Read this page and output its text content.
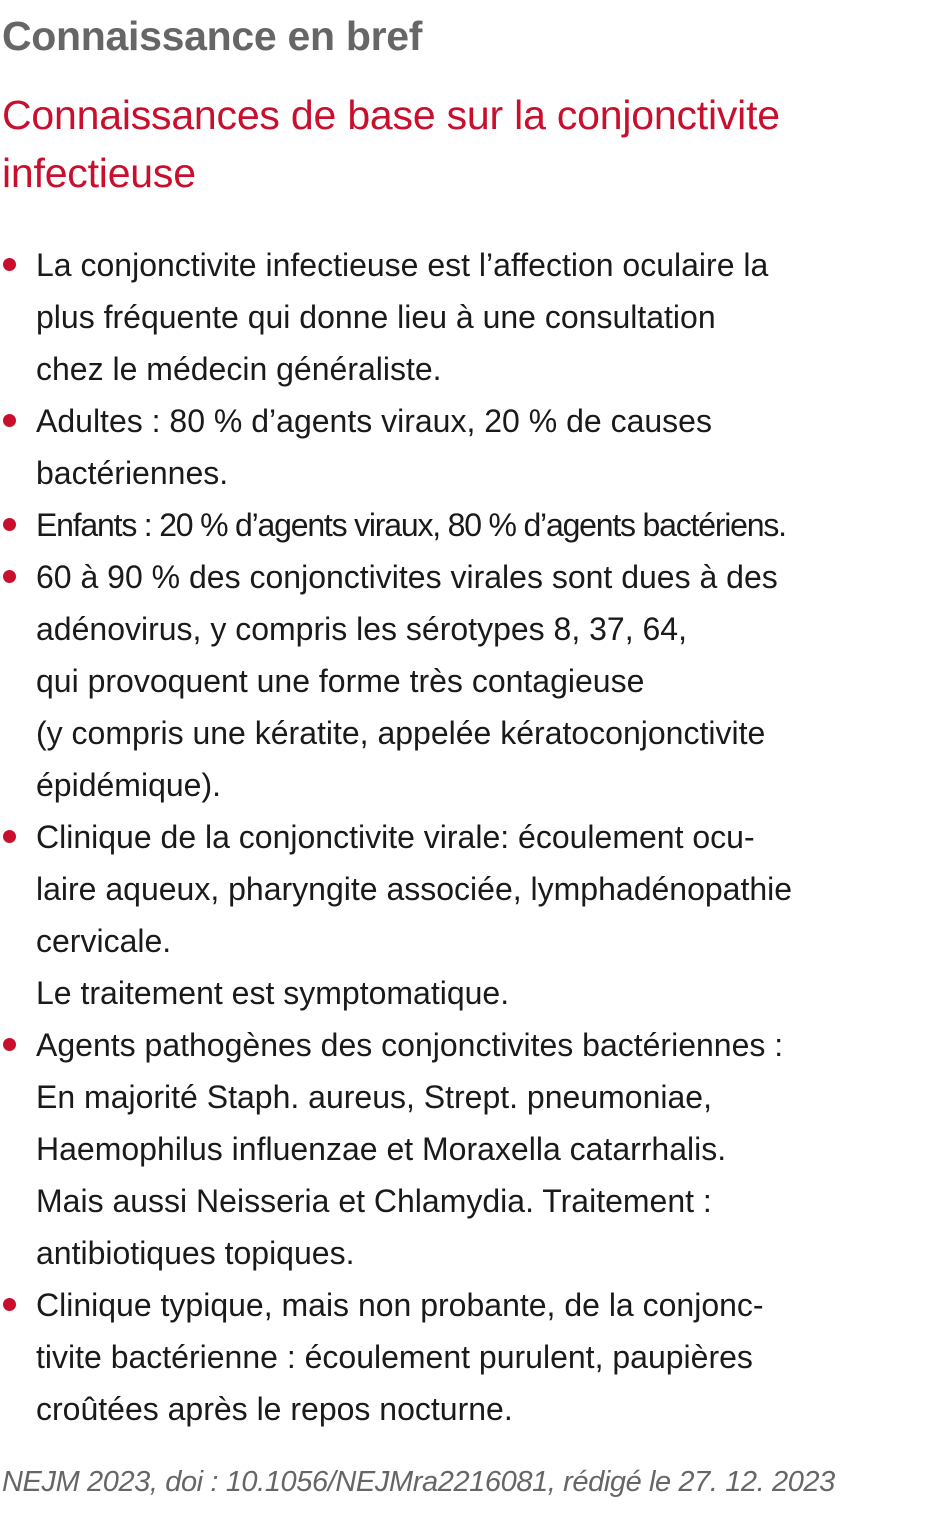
Connaissance en bref
Connaissances de base sur la conjonctivite infectieuse
La conjonctivite infectieuse est l’affection oculaire la
plus fréquente qui donne lieu à une consultation
chez le médecin généraliste.
Adultes : 80 % d’agents viraux, 20 % de causes
bactériennes.
Enfants : 20 % d’agents viraux, 80 % d’agents bactériens.
60 à 90 % des conjonctivites virales sont dues à des
adénovirus, y compris les sérotypes 8, 37, 64,
qui provoquent une forme très contagieuse
(y compris une kératite, appelée kératoconjonctivite
épidémique).
Clinique de la conjonctivite virale: écoulement ocu-
laire aqueux, pharyngite associée, lymphadénopathie
cervicale.
Le traitement est symptomatique.
Agents pathogènes des conjonctivites bactériennes :
En majorité Staph. aureus, Strept. pneumoniae,
Haemophilus influenzae et Moraxella catarrhalis.
Mais aussi Neisseria et Chlamydia. Traitement :
antibiotiques topiques.
Clinique typique, mais non probante, de la conjonc-
tivite bactérienne : écoulement purulent, paupières
croûtées après le repos nocturne.

NEJM 2023, doi : 10.1056/NEJMra2216081, rédigé le 27. 12. 2023
